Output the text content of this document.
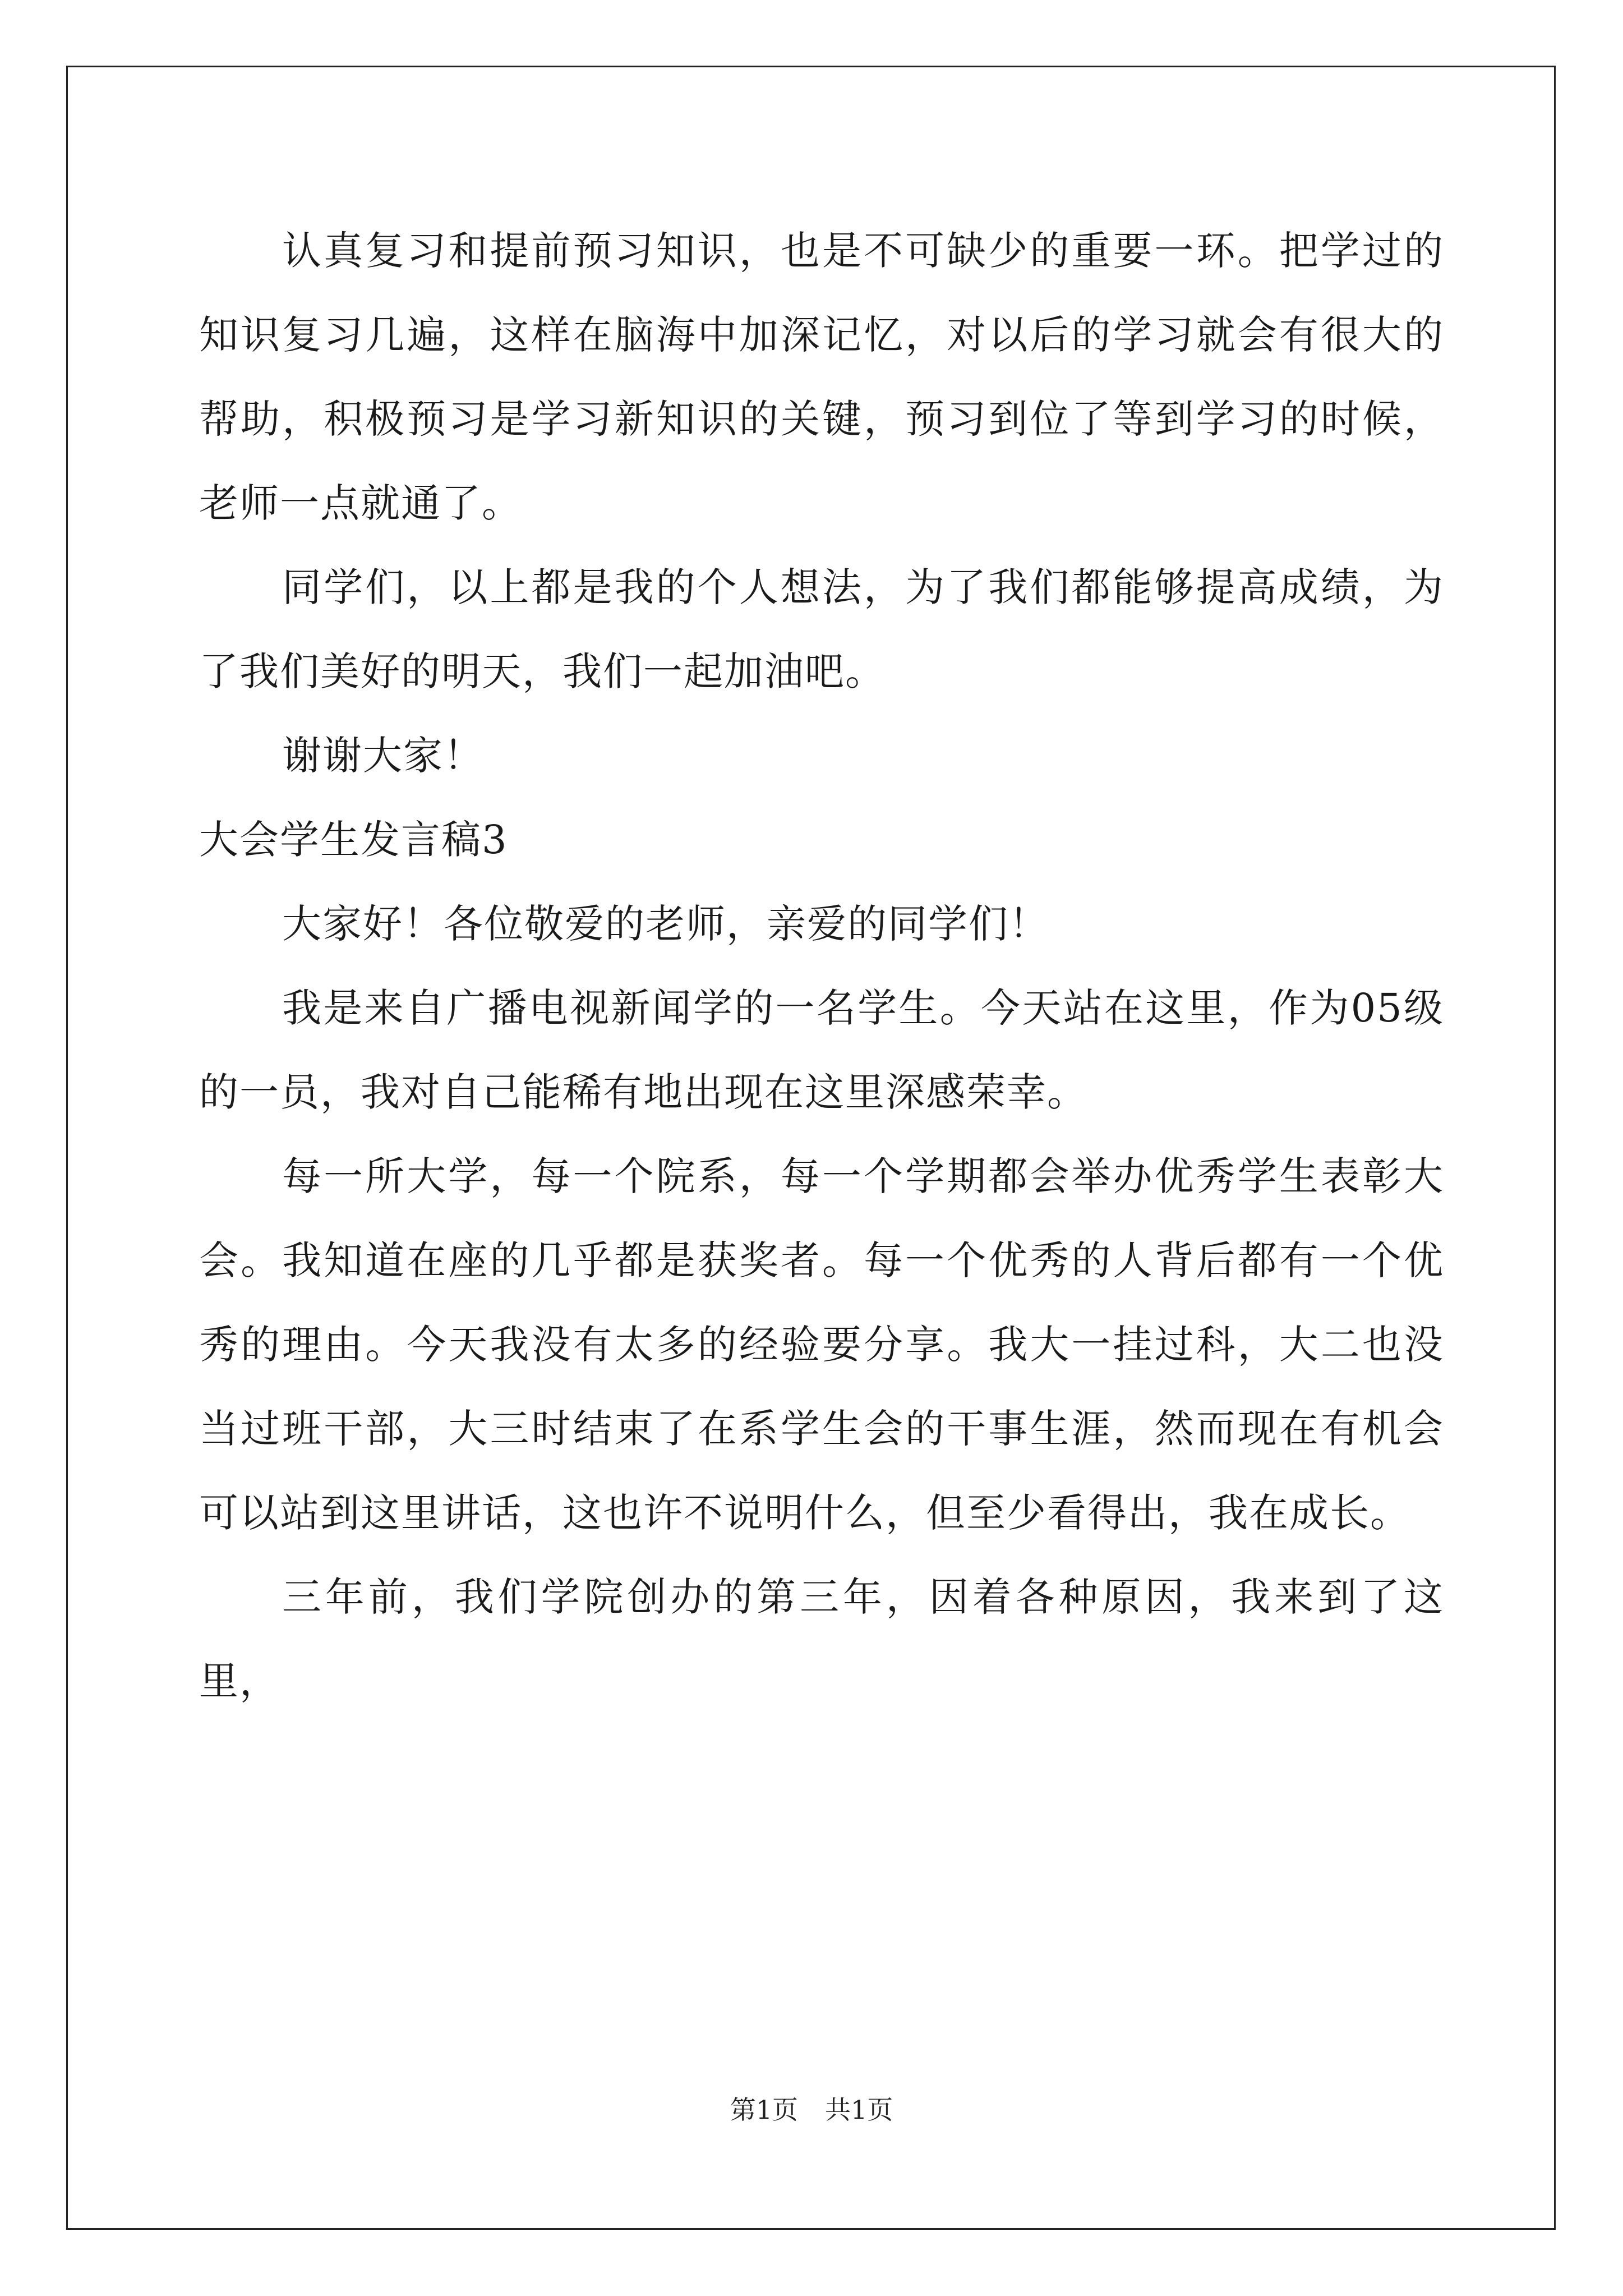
认真复习和提前预习知识，也是不可缺少的重要一环。把学过的知识复习几遍，这样在脑海中加深记忆，对以后的学习就会有很大的帮助，积极预习是学习新知识的关键，预习到位了等到学习的时候，老师一点就通了。

同学们，以上都是我的个人想法，为了我们都能够提高成绩，为了我们美好的明天，我们一起加油吧。

谢谢大家！

大会学生发言稿3

大家好！各位敬爱的老师，亲爱的同学们！

我是来自广播电视新闻学的一名学生。今天站在这里，作为05级的一员，我对自己能稀有地出现在这里深感荣幸。

每一所大学，每一个院系，每一个学期都会举办优秀学生表彰大会。我知道在座的几乎都是获奖者。每一个优秀的人背后都有一个优秀的理由。今天我没有太多的经验要分享。我大一挂过科，大二也没当过班干部，大三时结束了在系学生会的干事生涯，然而现在有机会可以站到这里讲话，这也许不说明什么，但至少看得出，我在成长。

三年前，我们学院创办的第三年，因着各种原因，我来到了这里，

第1页 共1页
